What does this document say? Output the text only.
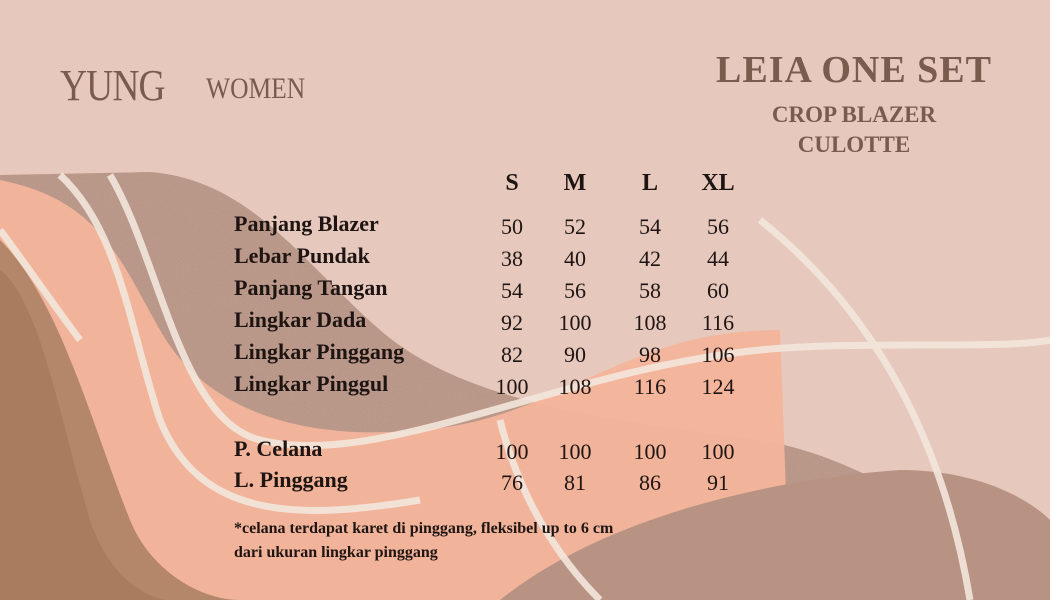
YUNG WOMEN	LEIA ONE SET
CROP BLAZER
CULOTTE
S M L XL
Panjang Blazer	50 52 54 56
Lebar Pundak	38 40 42 44
Panjang Tangan	54 56 58 60
Lingkar Dada	92 100 108 116
Lingkar Pinggang	82 90 98 106
Lingkar Pinggul	100 108 116 124
P. Celana	100 100 100 100
L. Pinggang	76 81 86 91
*celana terdapat karet di pinggang, fleksibel up to 6 cm
dari ukuran lingkar pinggang
